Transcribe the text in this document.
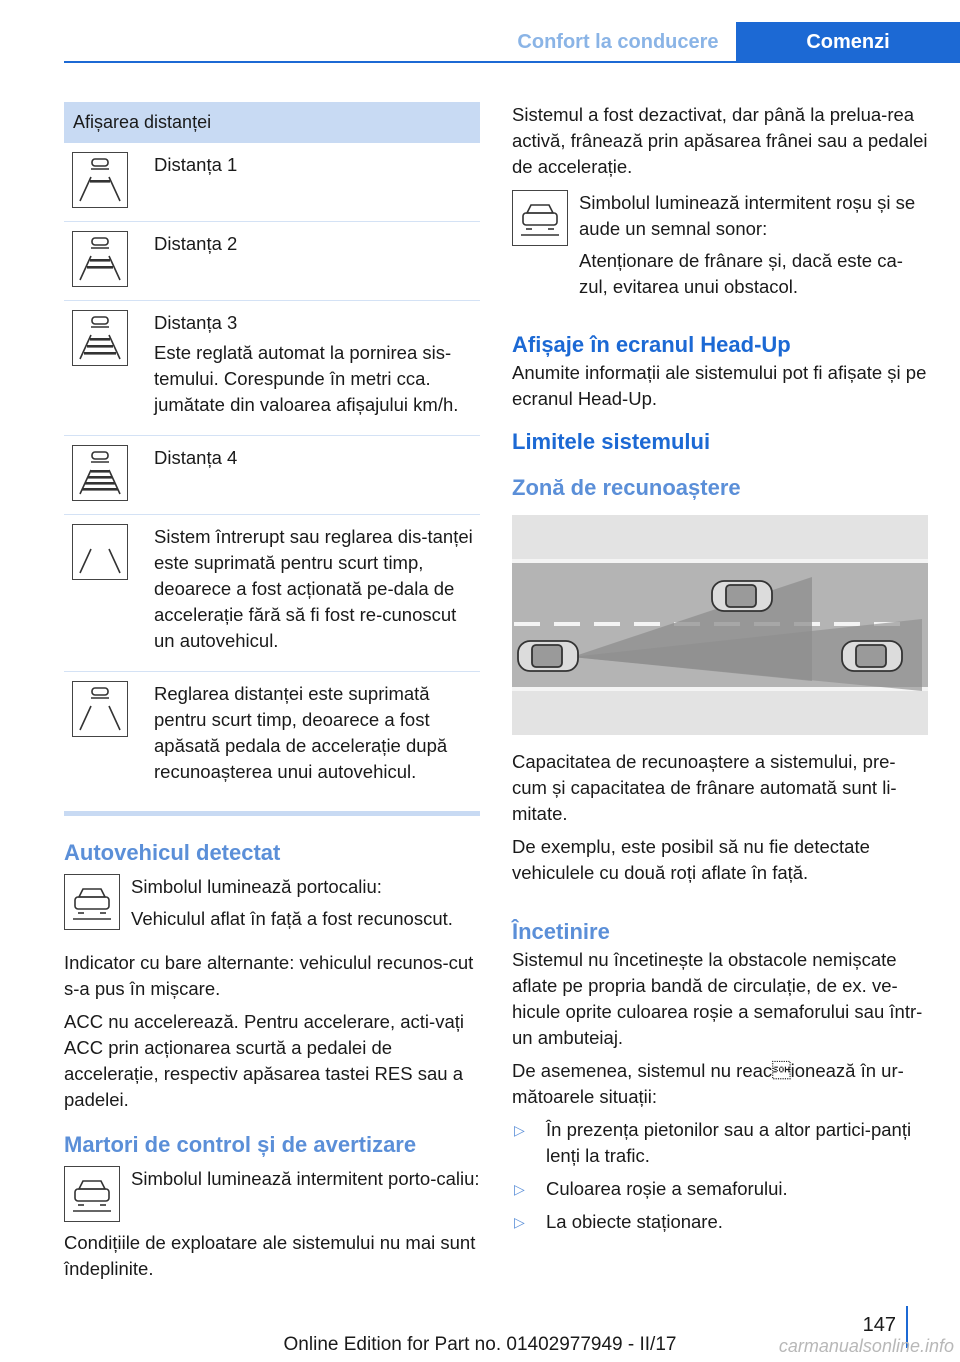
Confort la conducere	Comenzi
Afișarea distanței

Distanța 1

Distanța 2

Distanța 3

Este reglată automat la pornirea sis-temului. Corespunde în metri cca. jumătate din valoarea afișajului km/h.

Distanța 4

Sistem întrerupt sau reglarea dis-tanței este suprimată pentru scurt timp, deoarece a fost acționată pe-dala de accelerație fără să fi fost re-cunoscut un autovehicul.

Reglarea distanței este suprimată pentru scurt timp, deoarece a fost apăsată pedala de accelerație după recunoașterea unui autovehicul.

Autovehicul detectat

Simbolul luminează portocaliu:

Vehiculul aflat în față a fost recunoscut.

Indicator cu bare alternante: vehiculul recunos-cut s-a pus în mișcare.

ACC nu accelerează. Pentru accelerare, acti-vați ACC prin acționarea scurtă a pedalei de accelerație, respectiv apăsarea tastei RES sau a padelei.

Martori de control și de avertizare

Simbolul luminează intermitent porto-caliu:

Condițiile de exploatare ale sistemului nu mai sunt îndeplinite.

Sistemul a fost dezactivat, dar până la prelua-rea activă, frânează prin apăsarea frânei sau a pedalei de accelerație.

Simbolul luminează intermitent roșu și se aude un semnal sonor:

Atenționare de frânare și, dacă este ca-zul, evitarea unui obstacol.

Afișaje în ecranul Head-Up

Anumite informații ale sistemului pot fi afișate și pe ecranul Head-Up.

Limitele sistemului
Zonă de recunoaștere

Capacitatea de recunoaștere a sistemului, pre-cum și capacitatea de frânare automată sunt li-mitate.

De exemplu, este posibil să nu fie detectate vehiculele cu două roți aflate în față.

Încetinire

Sistemul nu încetinește la obstacole nemișcate aflate pe propria bandă de circulație, de ex. ve-hicule oprite culoarea roșie a semaforului sau într-un ambuteiaj.

De asemenea, sistemul nu reacionează în ur-mătoarele situații:

▷ În prezența pietonilor sau a altor partici-panți lenți la trafic.
▷ Culoarea roșie a semaforului.
▷ La obiecte staționare.
147
Online Edition for Part no. 01402977949 - II/17	carmanualsonline.info
